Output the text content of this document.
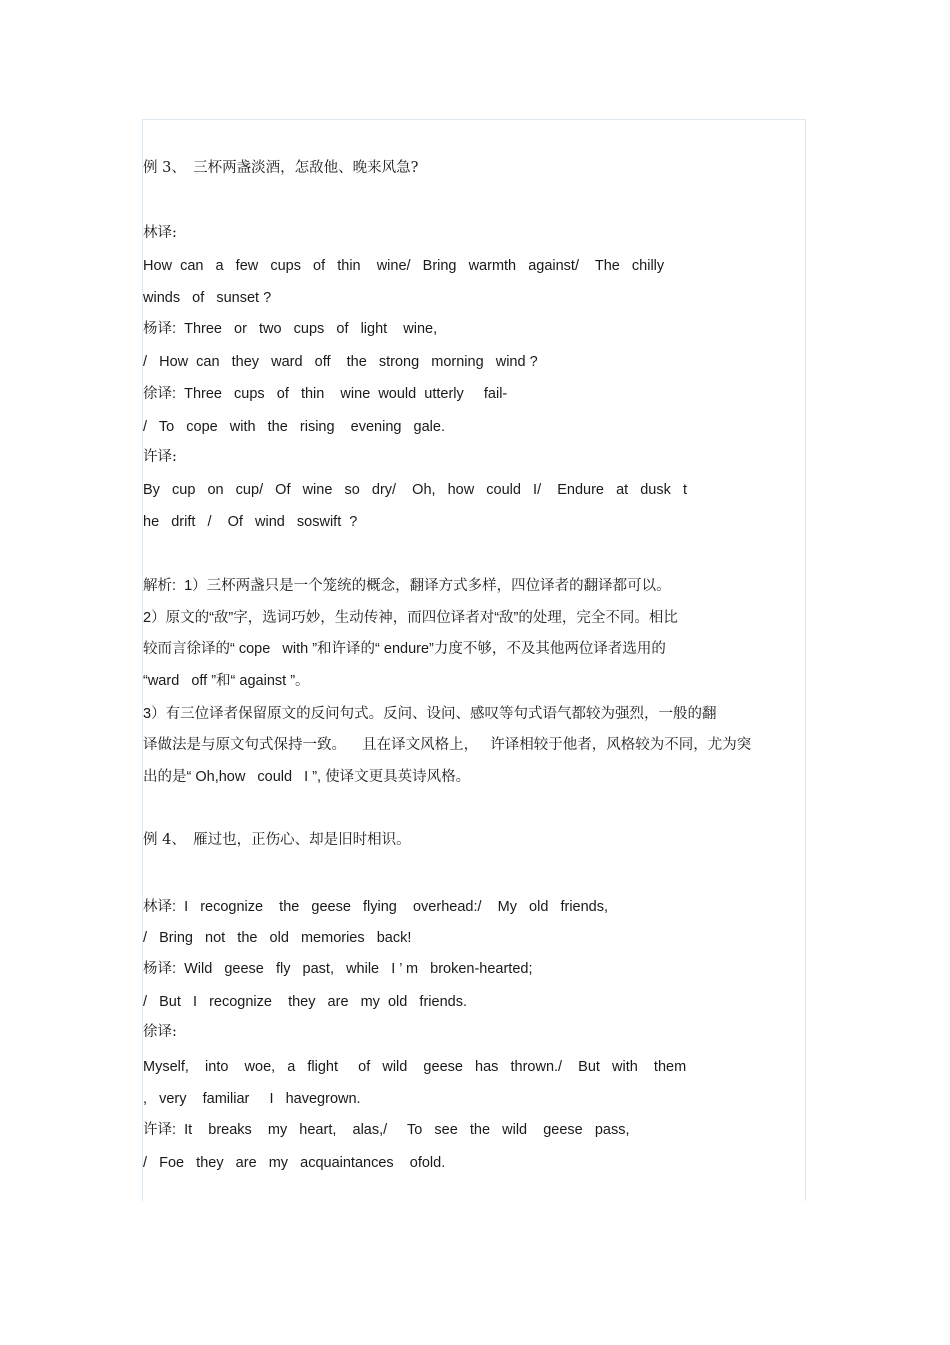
例 3、　三杯两盏淡酒，怎敌他、晚来风急?
林译:
How  can   a   few   cups   of   thin    wine/   Bring   warmth   against/    The   chilly
winds   of   sunset ?
杨译:  Three   or   two   cups   of   light    wine,
/   How  can   they   ward   off    the   strong   morning   wind ?
徐译:  Three   cups   of   thin    wine  would  utterly     fail-
/   To   cope   with   the   rising    evening   gale.
许译:
By   cup   on   cup/   Of   wine   so   dry/    Oh,   how   could   I/    Endure   at   dusk   t
he   drift   /    Of   wind   soswift  ?
解析:  1）三杯两盏只是一个笼统的概念，翻译方式多样，四位译者的翻译都可以。
2）原文的“敌”字，选词巧妙，生动传神，而四位译者对“敌”的处理，完全不同。相比
较而言徐译的“ cope   with ”和许译的“ endure”力度不够，不及其他两位译者选用的
“ward   off ”和“ against ”。
3）有三位译者保留原文的反问句式。反问、设问、感叹等句式语气都较为强烈，一般的翻
译做法是与原文句式保持一致。    且在译文风格上，   许译相较于他者，风格较为不同，尤为突
出的是“ Oh,how   could   I ”, 使译文更具英诗风格。
例 4、　雁过也，正伤心、却是旧时相识。
林译:  I   recognize    the   geese   flying    overhead:/    My   old   friends,
/   Bring   not   the   old   memories   back!
杨译:  Wild   geese   fly   past,   while   I ’ m   broken-hearted;
/   But   I   recognize    they   are   my  old   friends.
徐译:
Myself,    into    woe,   a   flight     of   wild    geese   has   thrown./    But   with    them
,   very    familiar     I   havegrown.
许译:  It    breaks    my   heart,    alas,/     To   see   the   wild    geese   pass,
/   Foe   they   are   my   acquaintances    ofold.
